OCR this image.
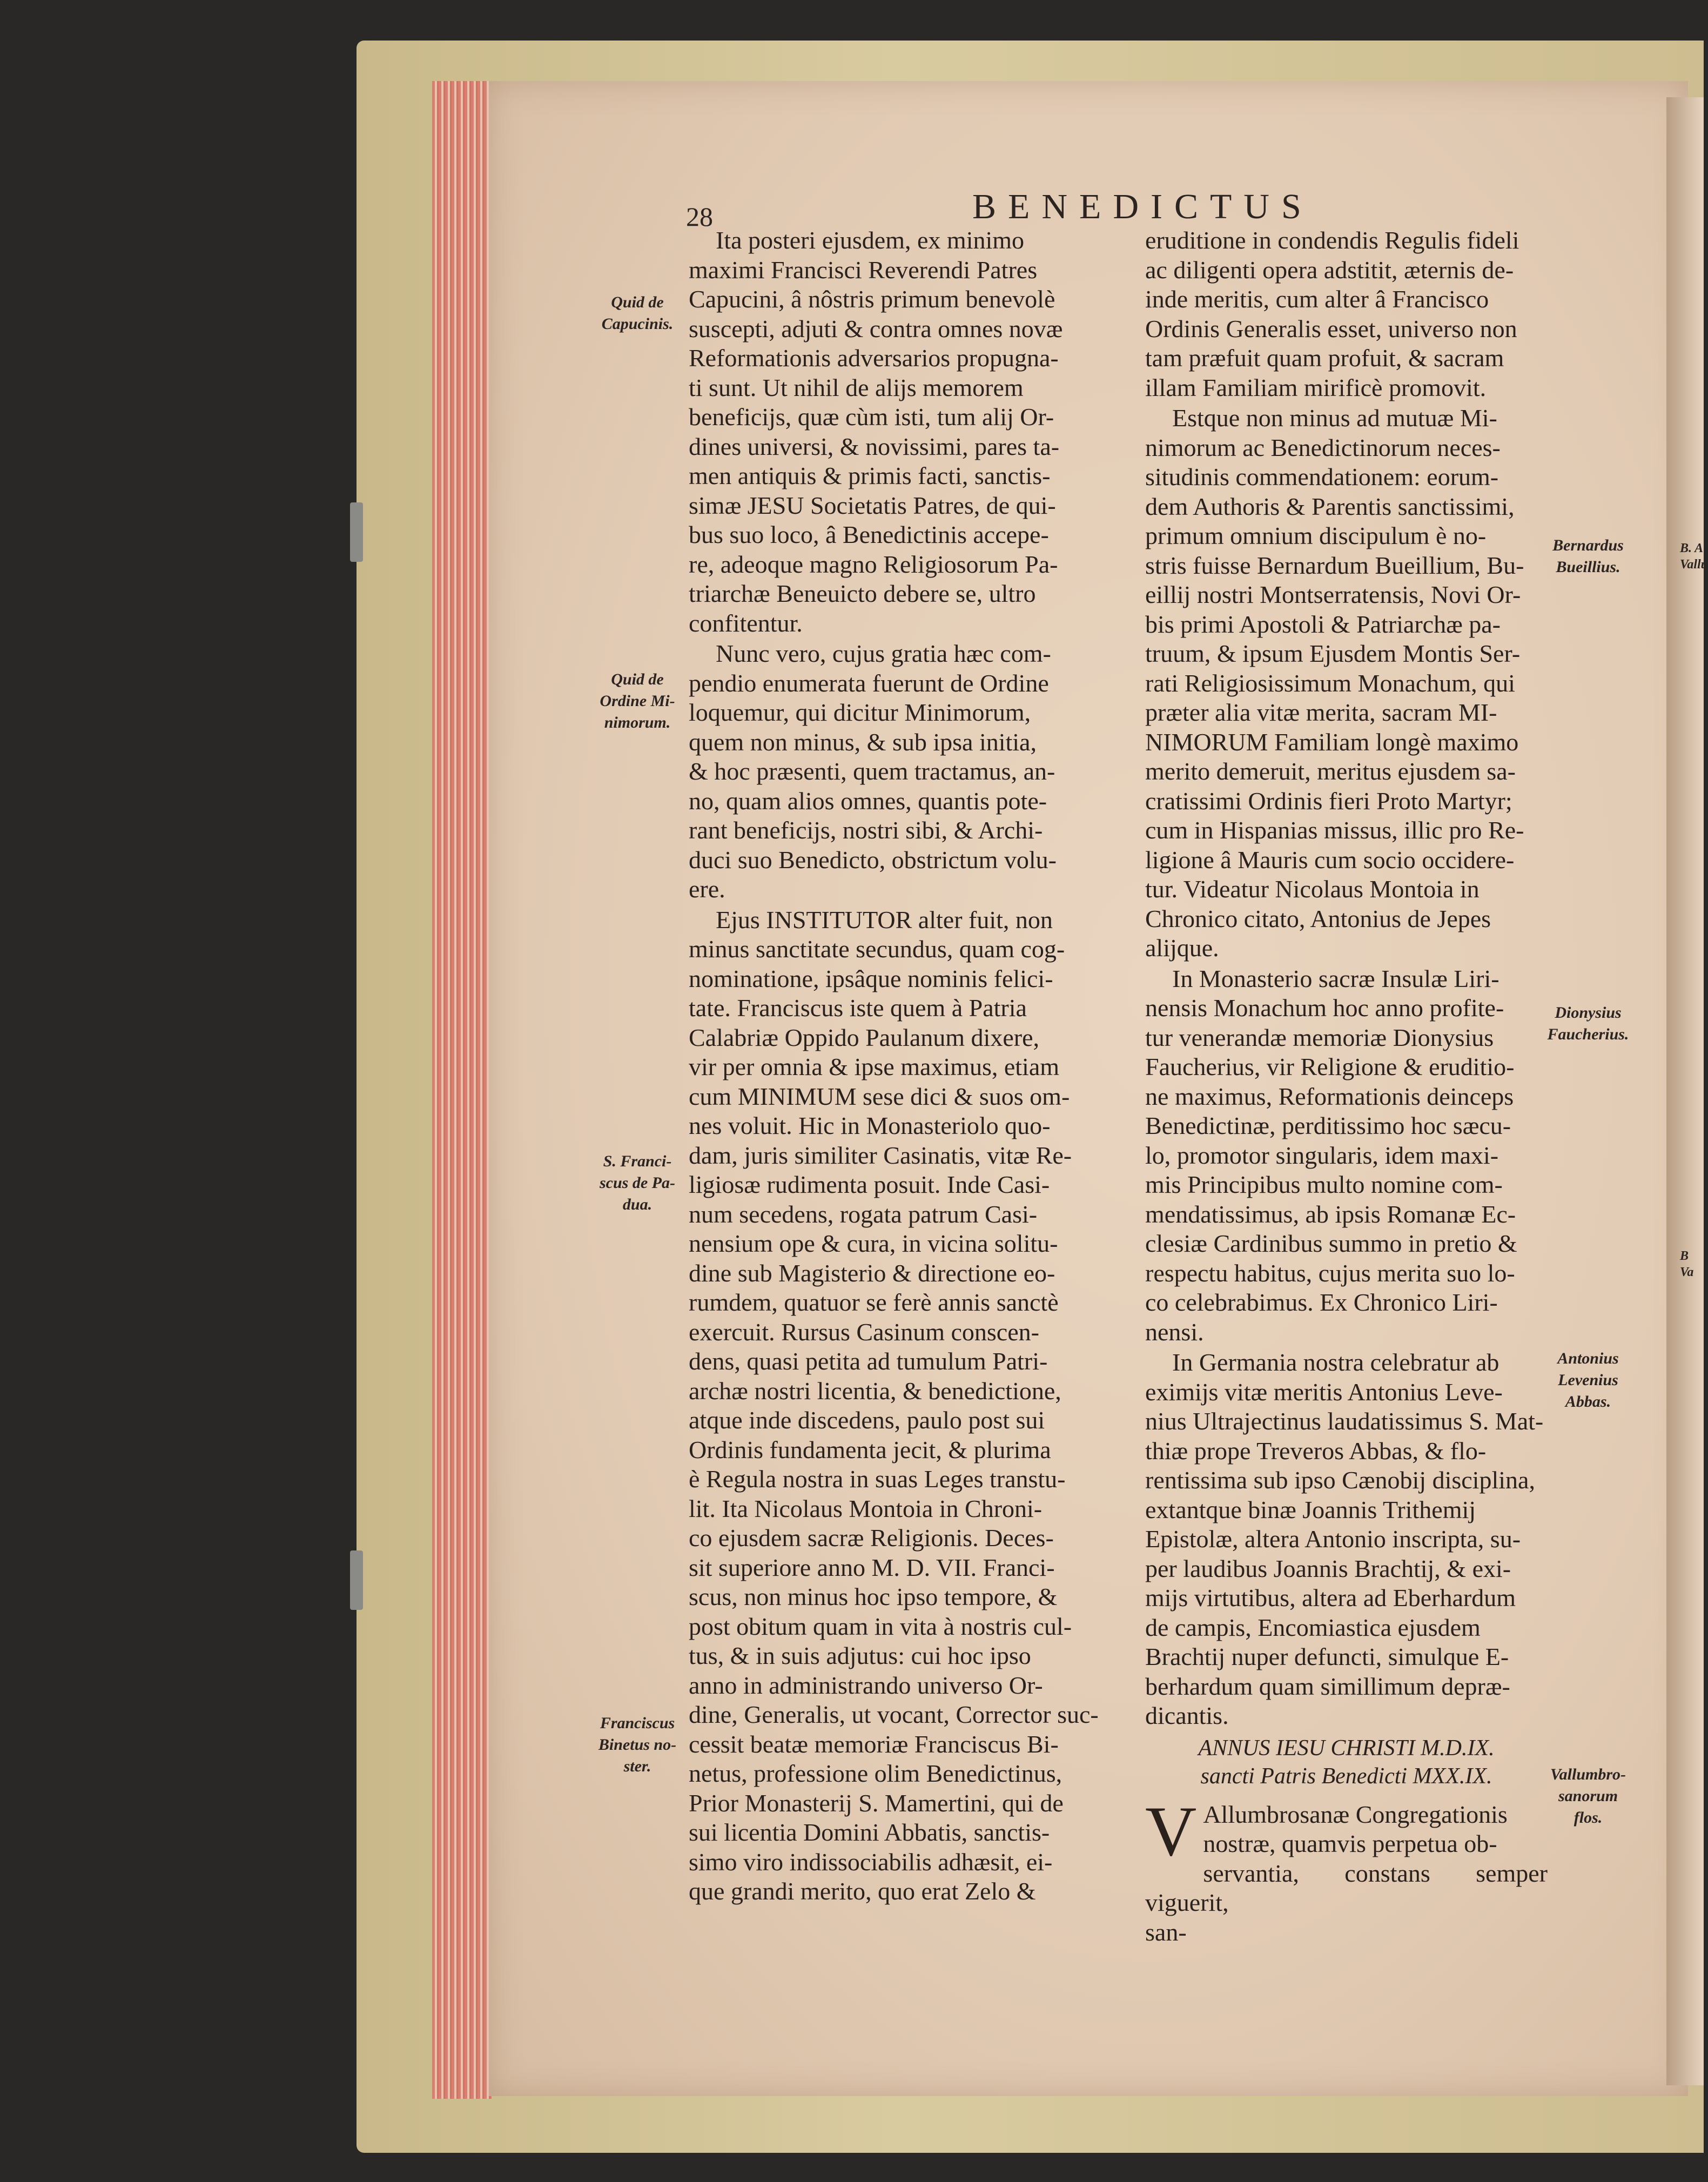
28	BENEDICTUS
Quid de
Capucinis.
Quid de
Ordine Mi-
nimorum.
S. Franci-
scus de Pa-
dua.
Franciscus
Binetus no-
ster.

Ita posteri ejusdem, ex minimo
maximi Francisci Reverendi Patres
Capucini, â nôstris primum benevolè
suscepti, adjuti & contra omnes novæ
Reformationis adversarios propugna-
ti sunt. Ut nihil de alijs memorem
beneficijs, quæ cùm isti, tum alij Or-
dines universi, & novissimi, pares ta-
men antiquis & primis facti, sanctis-
simæ JESU Societatis Patres, de qui-
bus suo loco, â Benedictinis accepe-
re, adeoque magno Religiosorum Pa-
triarchæ Beneuicto debere se, ultro
confitentur.

Nunc vero, cujus gratia hæc com-
pendio enumerata fuerunt de Ordine
loquemur, qui dicitur Minimorum,
quem non minus, & sub ipsa initia,
& hoc præsenti, quem tractamus, an-
no, quam alios omnes, quantis pote-
rant beneficijs, nostri sibi, & Archi-
duci suo Benedicto, obstrictum volu-
ere.

Ejus INSTITUTOR alter fuit, non
minus sanctitate secundus, quam cog-
nominatione, ipsâque nominis felici-
tate. Franciscus iste quem à Patria
Calabriæ Oppido Paulanum dixere,
vir per omnia & ipse maximus, etiam
cum MINIMUM sese dici & suos om-
nes voluit. Hic in Monasteriolo quo-
dam, juris similiter Casinatis, vitæ Re-
ligiosæ rudimenta posuit. Inde Casi-
num secedens, rogata patrum Casi-
nensium ope & cura, in vicina solitu-
dine sub Magisterio & directione eo-
rumdem, quatuor se ferè annis sanctè
exercuit. Rursus Casinum conscen-
dens, quasi petita ad tumulum Patri-
archæ nostri licentia, & benedictione,
atque inde discedens, paulo post sui
Ordinis fundamenta jecit, & plurima
è Regula nostra in suas Leges transtu-
lit. Ita Nicolaus Montoia in Chroni-
co ejusdem sacræ Religionis. Deces-
sit superiore anno M. D. VII. Franci-
scus, non minus hoc ipso tempore, &
post obitum quam in vita à nostris cul-
tus, & in suis adjutus: cui hoc ipso
anno in administrando universo Or-
dine, Generalis, ut vocant, Corrector suc-
cessit beatæ memoriæ Franciscus Bi-
netus, professione olim Benedictinus,
Prior Monasterij S. Mamertini, qui de
sui licentia Domini Abbatis, sanctis-
simo viro indissociabilis adhæsit, ei-
que grandi merito, quo erat Zelo &

eruditione in condendis Regulis fideli
ac diligenti opera adstitit, æternis de-
inde meritis, cum alter â Francisco
Ordinis Generalis esset, universo non
tam præfuit quam profuit, & sacram
illam Familiam mirificè promovit.

Estque non minus ad mutuæ Mi-
nimorum ac Benedictinorum neces-
situdinis commendationem: eorum-
dem Authoris & Parentis sanctissimi,
primum omnium discipulum è no-
stris fuisse Bernardum Bueillium, Bu-
eillij nostri Montserratensis, Novi Or-
bis primi Apostoli & Patriarchæ pa-
truum, & ipsum Ejusdem Montis Ser-
rati Religiosissimum Monachum, qui
præter alia vitæ merita, sacram MI-
NIMORUM Familiam longè maximo
merito demeruit, meritus ejusdem sa-
cratissimi Ordinis fieri Proto Martyr;
cum in Hispanias missus, illic pro Re-
ligione â Mauris cum socio occidere-
tur. Videatur Nicolaus Montoia in
Chronico citato, Antonius de Jepes
alijque.

In Monasterio sacræ Insulæ Liri-
nensis Monachum hoc anno profite-
tur venerandæ memoriæ Dionysius
Faucherius, vir Religione & eruditio-
ne maximus, Reformationis deinceps
Benedictinæ, perditissimo hoc sæcu-
lo, promotor singularis, idem maxi-
mis Principibus multo nomine com-
mendatissimus, ab ipsis Romanæ Ec-
clesiæ Cardinibus summo in pretio &
respectu habitus, cujus merita suo lo-
co celebrabimus. Ex Chronico Liri-
nensi.

In Germania nostra celebratur ab
eximijs vitæ meritis Antonius Leve-
nius Ultrajectinus laudatissimus S. Mat-
thiæ prope Treveros Abbas, & flo-
rentissima sub ipso Cænobij disciplina,
extantque binæ Joannis Trithemij
Epistolæ, altera Antonio inscripta, su-
per laudibus Joannis Brachtij, & exi-
mijs virtutibus, altera ad Eberhardum
de campis, Encomiastica ejusdem
Brachtij nuper defuncti, simulque E-
berhardum quam simillimum depræ-
dicantis.

ANNUS IESU CHRISTI M.D.IX.
sancti Patris Benedicti MXX.IX.

V Allumbrosanæ Congregationis
nostræ, quamvis perpetua ob-
servantia, constans semper viguerit,
san-

Bernardus
Bueillius.
Dionysius
Faucherius.
Antonius
Levenius
Abbas.
Vallumbro-
sanorum
flos.
B. A
Vallu
B
Va
